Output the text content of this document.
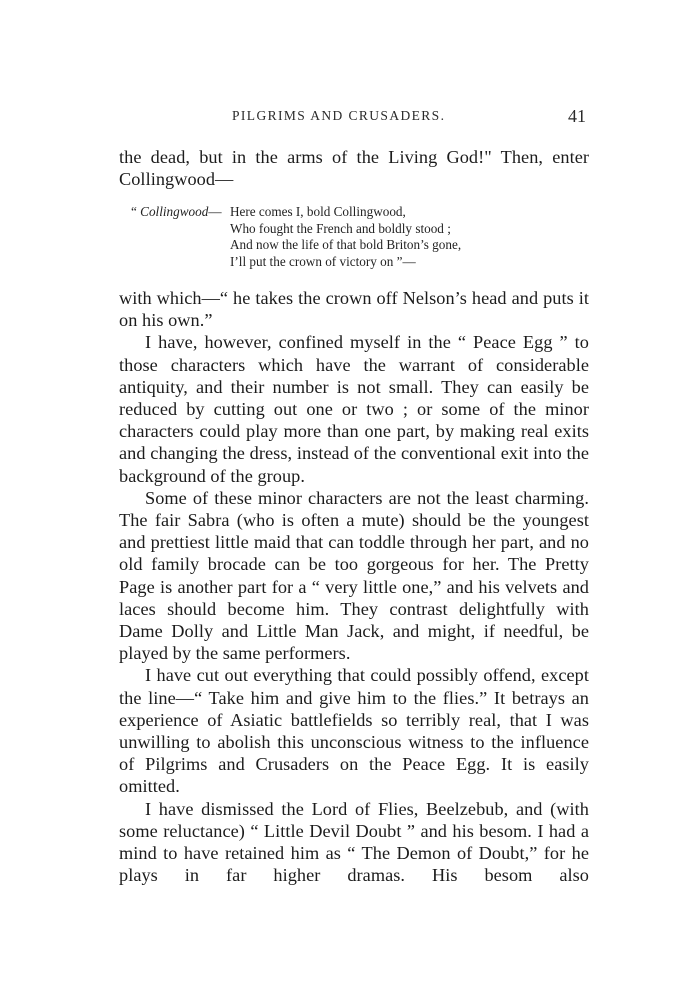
PILGRIMS AND CRUSADERS.	41

the dead, but in the arms of the Living God!" Then, enter Collingwood—

“ Collingwood— Here comes I, bold Collingwood,
Who fought the French and boldly stood ;
And now the life of that bold Briton’s gone,
I’ll put the crown of victory on ”—

with which—“ he takes the crown off Nelson’s head and puts it on his own.”

I have, however, confined myself in the “ Peace Egg ” to those characters which have the warrant of considerable antiquity, and their number is not small. They can easily be reduced by cutting out one or two ; or some of the minor characters could play more than one part, by making real exits and changing the dress, instead of the conventional exit into the background of the group.

Some of these minor characters are not the least charming. The fair Sabra (who is often a mute) should be the youngest and prettiest little maid that can toddle through her part, and no old family brocade can be too gorgeous for her. The Pretty Page is another part for a “ very little one,” and his velvets and laces should become him. They contrast delightfully with Dame Dolly and Little Man Jack, and might, if needful, be played by the same performers.

I have cut out everything that could possibly offend, except the line—“ Take him and give him to the flies.” It betrays an experience of Asiatic battlefields so terribly real, that I was unwilling to abolish this unconscious witness to the influence of Pilgrims and Crusaders on the Peace Egg. It is easily omitted.

I have dismissed the Lord of Flies, Beelzebub, and (with some reluctance) “ Little Devil Doubt ” and his besom. I had a mind to have retained him as “ The Demon of Doubt,” for he plays in far higher dramas. His besom also
